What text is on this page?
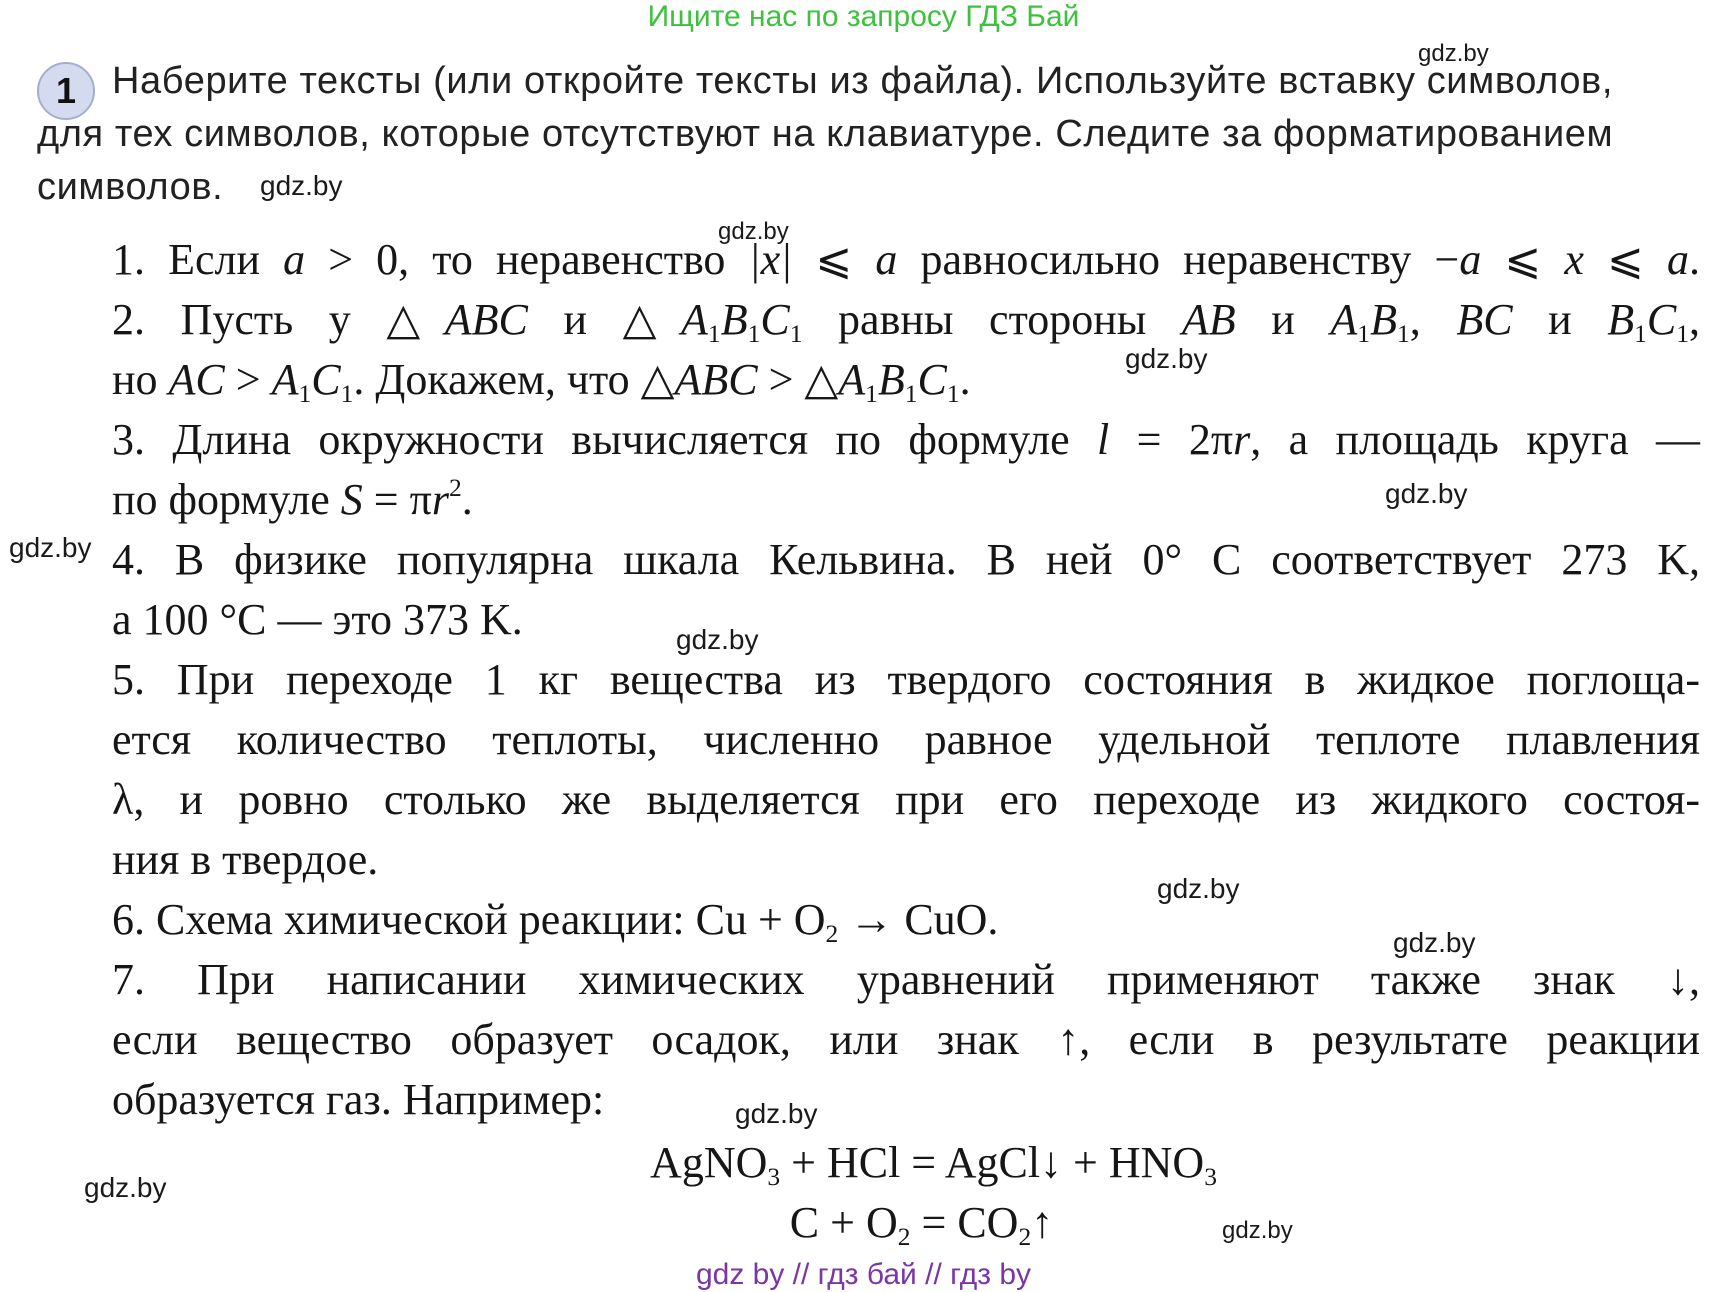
Ищите нас по запросу ГДЗ Бай
gdz.by
gdz.by
gdz.by
gdz.by
gdz.by
gdz.by
gdz.by
gdz.by
gdz.by
gdz.by
gdz.by
gdz.by
1 Наберите тексты (или откройте тексты из файла). Используйте вставку символов,
для тех символов, которые отсутствуют на клавиатуре. Следите за форматированием
символов.
1. Если a > 0, то неравенство |x| ⩽ a равносильно неравенству −a ⩽ x ⩽ a.
2. Пусть у △ABC и $\triangle A_1B_1C_1$ равны стороны AB и $A_1B_1$, BC и $B_1C_1$,
но AC > $A_1C_1$. Докажем, что △ABC > $\triangle A_1B_1C_1$.
3. Длина окружности вычисляется по формуле l = 2πr, а площадь круга —
по формуле $S = \pi r^2$.
4. В физике популярна шкала Кельвина. В ней 0° С соответствует 273 K,
а 100 °C — это 373 K.
5. При переходе 1 кг вещества из твердого состояния в жидкое поглоща-
ется количество теплоты, численно равное удельной теплоте плавления
λ, и ровно столько же выделяется при его переходе из жидкого состоя-
ния в твердое.
6. Схема химической реакции: $Cu + O_2$ → CuO.
7. При написании химических уравнений применяют также знак ↓,
если вещество образует осадок, или знак ↑, если в результате реакции
образуется газ. Например:
AgNO$_3$ + HCl = AgCl↓ + $HNO_3$
$C + O_2$ = $CO_2↑$
gdz by // гдз бай // гдз by
